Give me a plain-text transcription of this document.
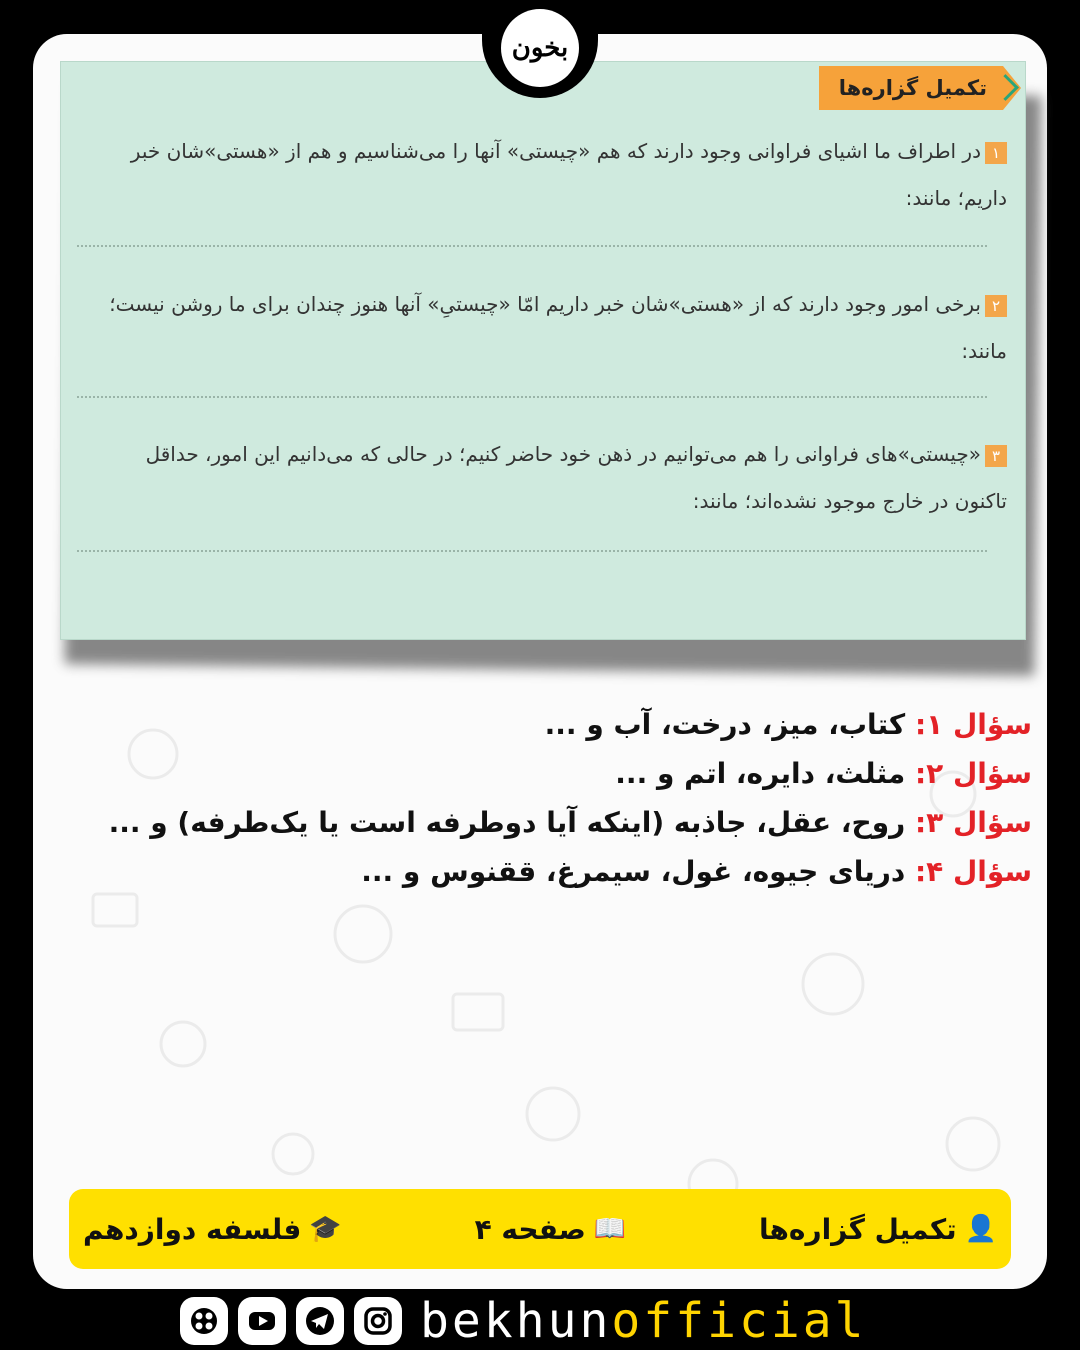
بخون
تکمیل گزاره‌ها
۱در اطراف ما اشیای فراوانی وجود دارند که هم «چیستی» آنها را می‌شناسیم و هم از «هستی»شان خبر
داریم؛ مانند:
۲برخی امور وجود دارند که از «هستی»شان خبر داریم امّا «چیستیِ» آنها هنوز چندان برای ما روشن نیست؛
مانند:
۳«چیستی»های فراوانی را هم می‌توانیم در ذهن خود حاضر کنیم؛ در حالی که می‌دانیم این امور، حداقل
تاکنون در خارج موجود نشده‌اند؛ مانند:
سؤال ۱: کتاب، میز، درخت، آب و ...
سؤال ۲: مثلث، دایره، اتم و ...
سؤال ۳: روح، عقل، جاذبه (اینکه آیا دوطرفه است یا یک‌طرفه) و ...
سؤال ۴: دریای جیوه، غول، سیمرغ، ققنوس و ...
👤
تکمیل گزاره‌ها
📖
صفحه ۴
🎓
فلسفه دوازدهم
bekhunofficial
